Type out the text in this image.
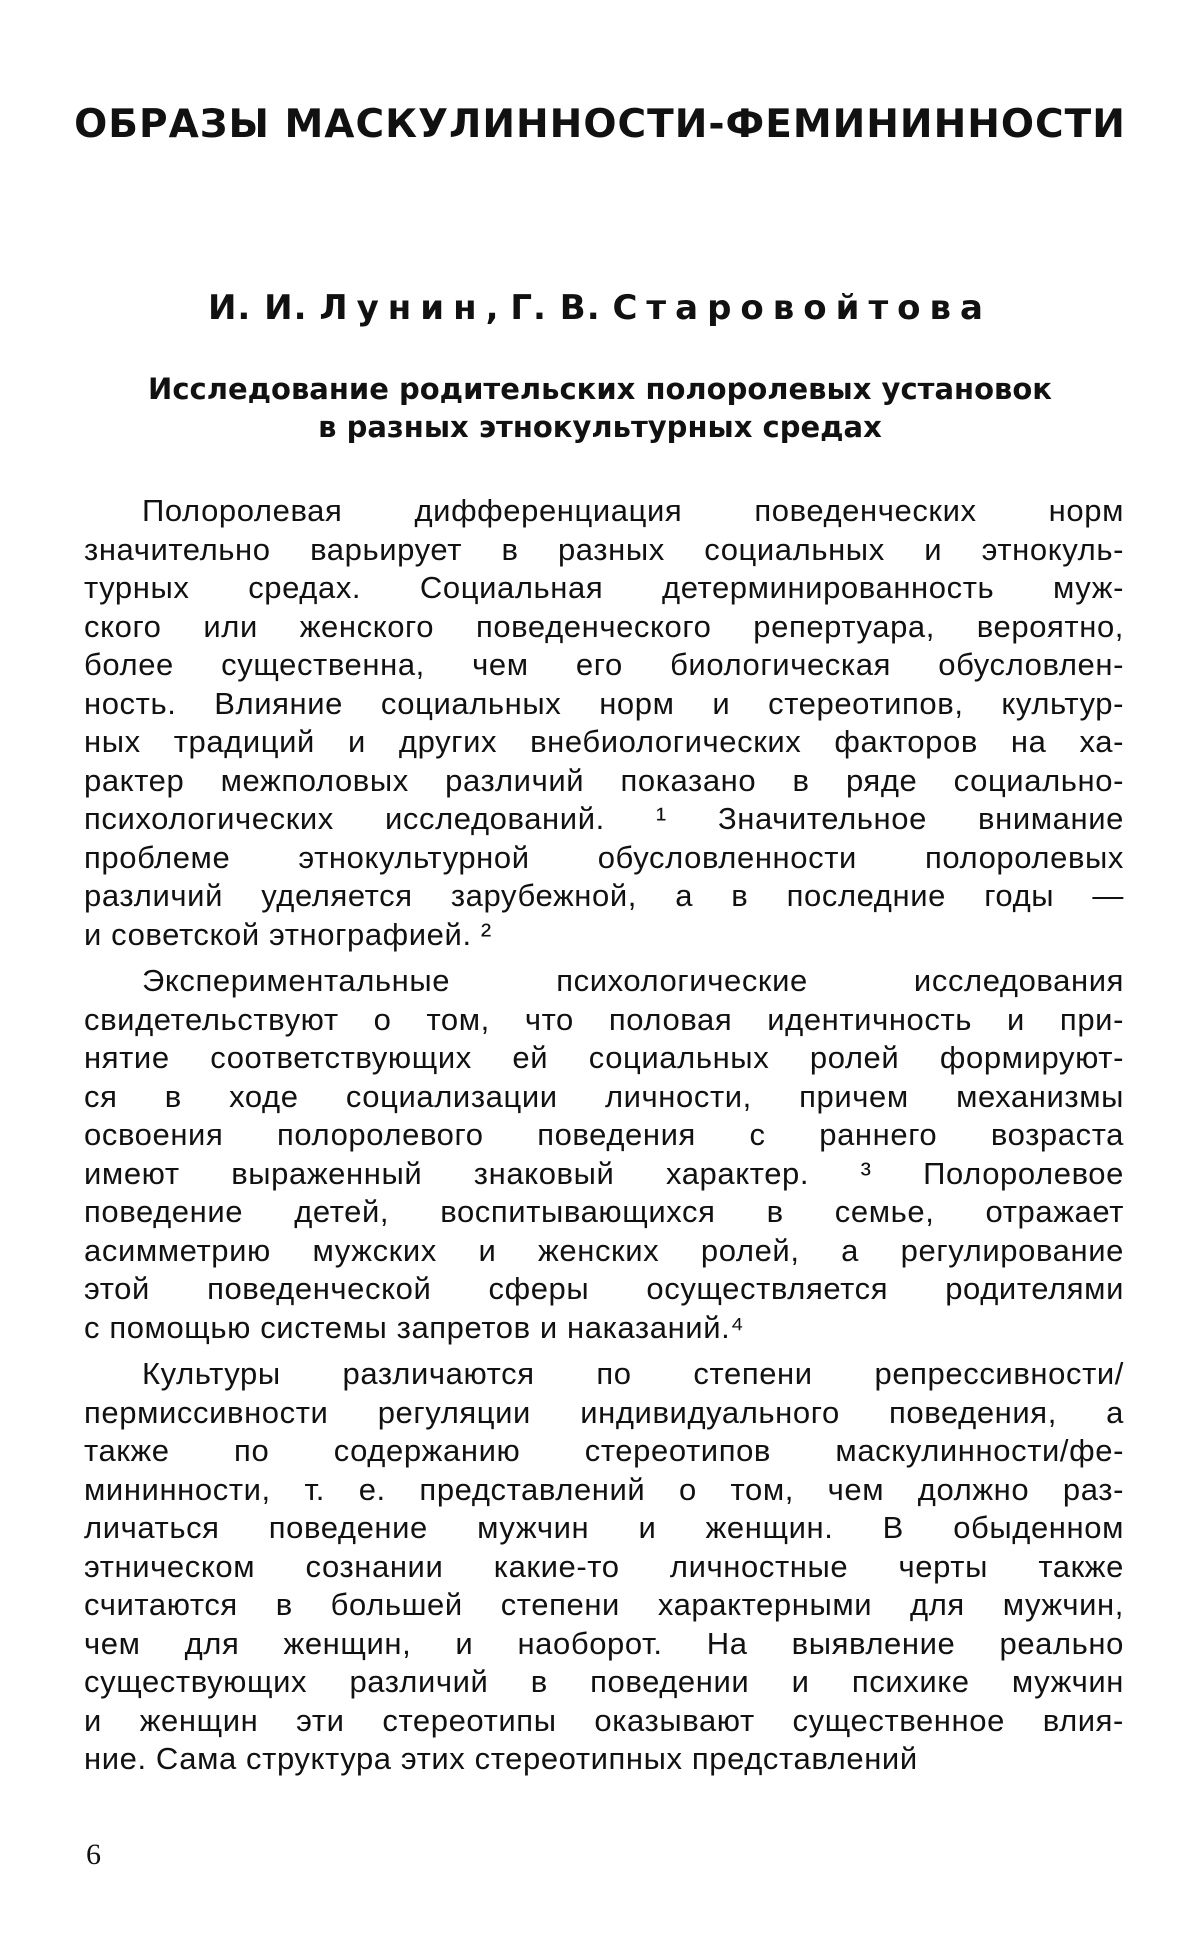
ОБРАЗЫ МАСКУЛИННОСТИ-ФЕМИНИННОСТИ

И. И. Лунин, Г. В. Старовойтова

Исследование родительских полоролевых установок
в разных этнокультурных средах
Полоролевая дифференциация поведенческих норм
значительно варьирует в разных социальных и этнокуль-
турных средах. Социальная детерминированность муж-
ского или женского поведенческого репертуара, вероятно,
более существенна, чем его биологическая обусловлен-
ность. Влияние социальных норм и стереотипов, культур-
ных традиций и других внебиологических факторов на ха-
рактер межполовых различий показано в ряде социально-
психологических исследований. ¹ Значительное внимание
проблеме этнокультурной обусловленности полоролевых
различий уделяется зарубежной, а в последние годы —
и советской этнографией. ²
Экспериментальные психологические исследования
свидетельствуют о том, что половая идентичность и при-
нятие соответствующих ей социальных ролей формируют-
ся в ходе социализации личности, причем механизмы
освоения полоролевого поведения с раннего возраста
имеют выраженный знаковый характер. ³ Полоролевое
поведение детей, воспитывающихся в семье, отражает
асимметрию мужских и женских ролей, а регулирование
этой поведенческой сферы осуществляется родителями
с помощью системы запретов и наказаний.⁴
Культуры различаются по степени репрессивности/
пермиссивности регуляции индивидуального поведения, а
также по содержанию стереотипов маскулинности/фе-
мининности, т. е. представлений о том, чем должно раз-
личаться поведение мужчин и женщин. В обыденном
этническом сознании какие-то личностные черты также
считаются в большей степени характерными для мужчин,
чем для женщин, и наоборот. На выявление реально
существующих различий в поведении и психике мужчин
и женщин эти стереотипы оказывают существенное влия-
ние. Сама структура этих стереотипных представлений
6
